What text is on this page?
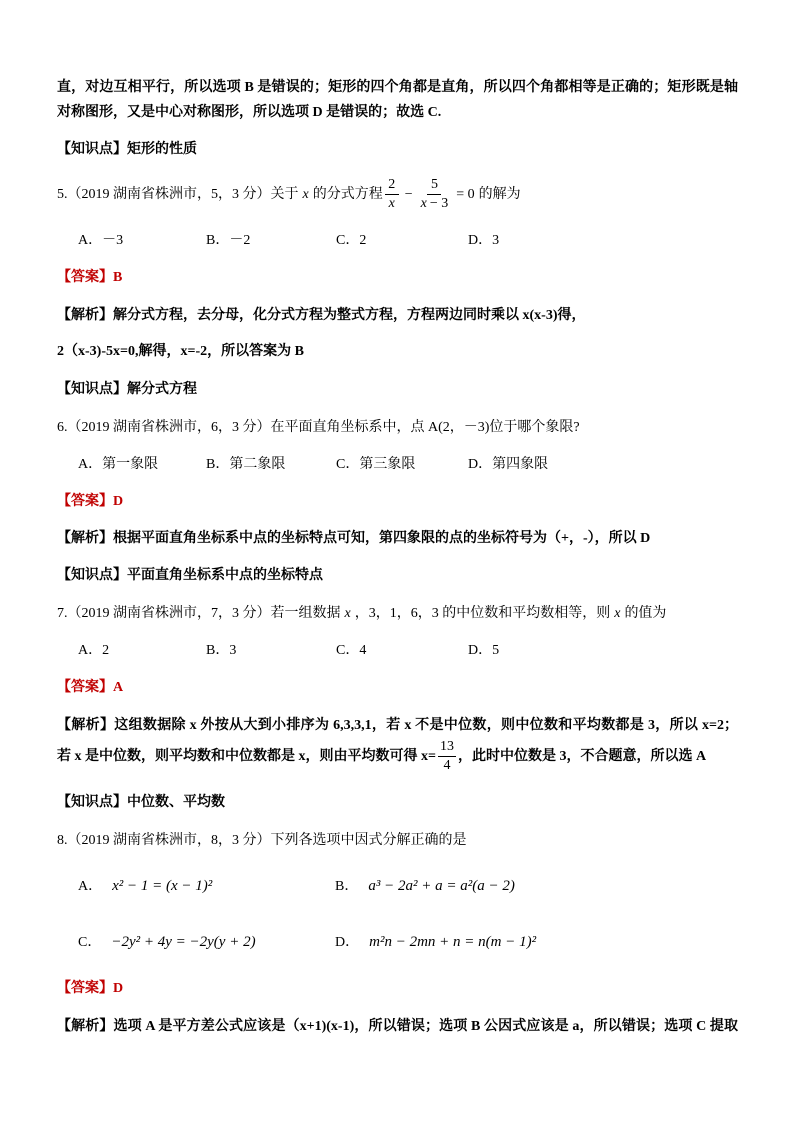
直，对边互相平行，所以选项 B 是错误的；矩形的四个角都是直角，所以四个角都相等是正确的；矩形既是轴
对称图形，又是中心对称图形，所以选项 D 是错误的；故选 C.
【知识点】矩形的性质
5.（2019 湖南省株洲市，5，3 分）关于 x 的分式方程 $\frac{2}{x} - \frac{5}{x - 3} = 0$ 的解为
A．－3	B．－2	C．2	D．3
【答案】B
【解析】解分式方程，去分母，化分式方程为整式方程，方程两边同时乘以 x(x-3)得，
2（x-3)-5x=0,解得，x=-2，所以答案为 B
【知识点】解分式方程
6.（2019 湖南省株洲市，6，3 分）在平面直角坐标系中，点 A(2，－3)位于哪个象限?
A．第一象限	B．第二象限	C．第三象限	D．第四象限
【答案】D
【解析】根据平面直角坐标系中点的坐标特点可知，第四象限的点的坐标符号为（+，-），所以 D
【知识点】平面直角坐标系中点的坐标特点
7.（2019 湖南省株洲市，7，3 分）若一组数据 x ，3，1，6，3 的中位数和平均数相等，则 x 的值为
A．2	B．3	C．4	D．5
【答案】A
【解析】这组数据除 x 外按从大到小排序为 6,3,3,1，若 x 不是中位数，则中位数和平均数都是 3，所以 x=2；
若 x 是中位数，则平均数和中位数都是 x，则由平均数可得 $x= \frac{13}{4}$ ，此时中位数是 3，不合题意，所以选 A
【知识点】中位数、平均数
8.（2019 湖南省株洲市，8，3 分）下列各选项中因式分解正确的是
A． x² − 1 = (x − 1)²	B． a³ − 2a² + a = a²(a − 2)
C． −2y² + 4y = −2y(y + 2)	D． m²n − 2mn + n = n(m − 1)²
【答案】D
【解析】选项 A 是平方差公式应该是（x+1)(x-1)，所以错误；选项 B 公因式应该是 a，所以错误；选项 C 提取
